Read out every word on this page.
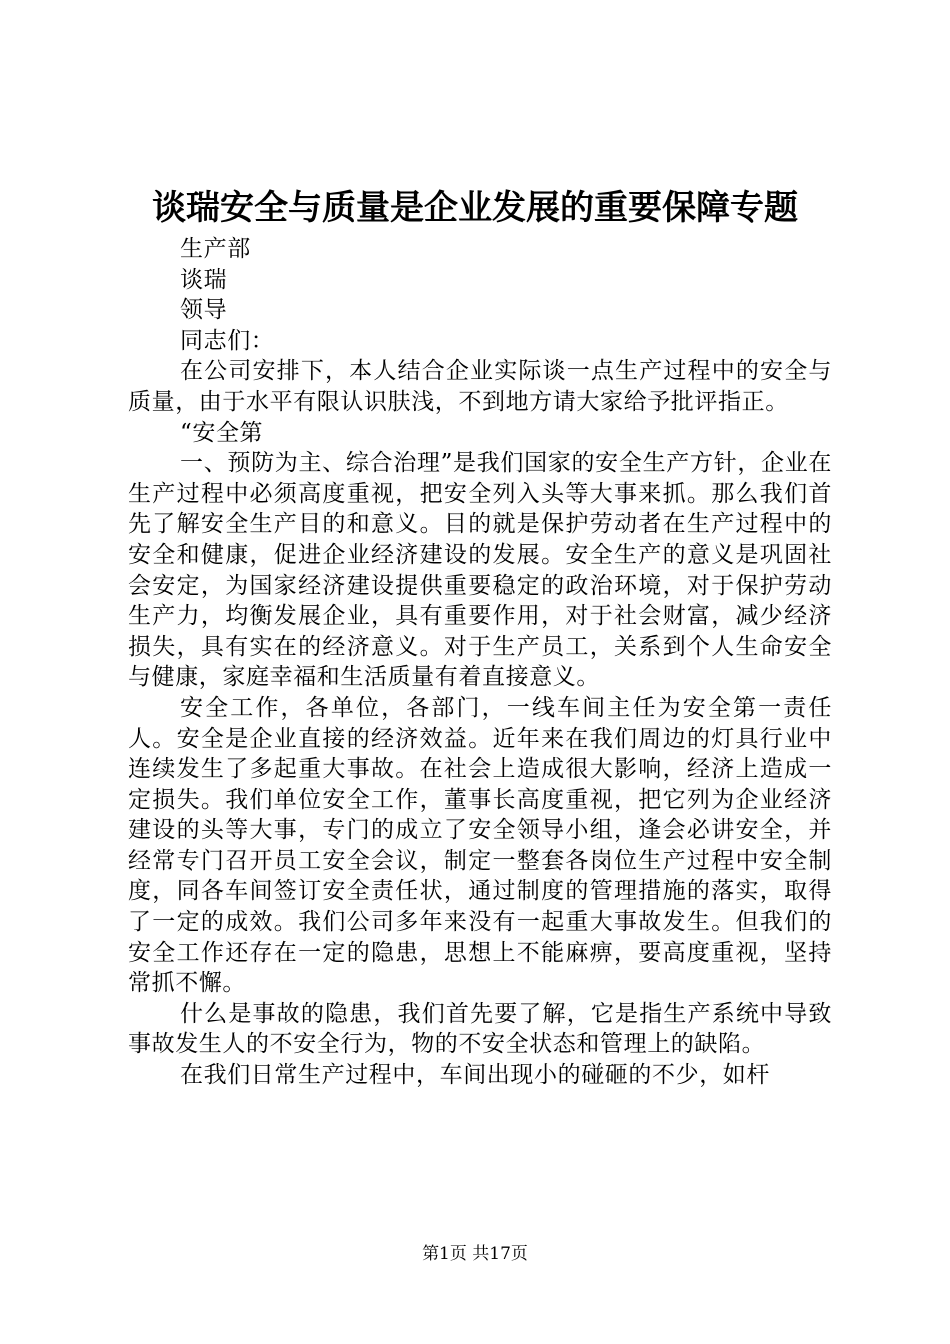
谈瑞安全与质量是企业发展的重要保障专题

生产部

谈瑞

领导

同志们：

在公司安排下，本人结合企业实际谈一点生产过程中的安全与质量，由于水平有限认识肤浅，不到地方请大家给予批评指正。

“安全第

一、预防为主、综合治理”是我们国家的安全生产方针，企业在生产过程中必须高度重视，把安全列入头等大事来抓。那么我们首先了解安全生产目的和意义。目的就是保护劳动者在生产过程中的安全和健康，促进企业经济建设的发展。安全生产的意义是巩固社会安定，为国家经济建设提供重要稳定的政治环境，对于保护劳动生产力，均衡发展企业，具有重要作用，对于社会财富，减少经济损失，具有实在的经济意义。对于生产员工，关系到个人生命安全与健康，家庭幸福和生活质量有着直接意义。

安全工作，各单位，各部门，一线车间主任为安全第一责任人。安全是企业直接的经济效益。近年来在我们周边的灯具行业中连续发生了多起重大事故。在社会上造成很大影响，经济上造成一定损失。我们单位安全工作，董事长高度重视，把它列为企业经济建设的头等大事，专门的成立了安全领导小组，逢会必讲安全，并经常专门召开员工安全会议，制定一整套各岗位生产过程中安全制度，同各车间签订安全责任状，通过制度的管理措施的落实，取得了一定的成效。我们公司多年来没有一起重大事故发生。但我们的安全工作还存在一定的隐患，思想上不能麻痹，要高度重视，坚持常抓不懈。

什么是事故的隐患，我们首先要了解，它是指生产系统中导致事故发生人的不安全行为，物的不安全状态和管理上的缺陷。

在我们日常生产过程中，车间出现小的碰砸的不少，如杆

第1页 共17页
